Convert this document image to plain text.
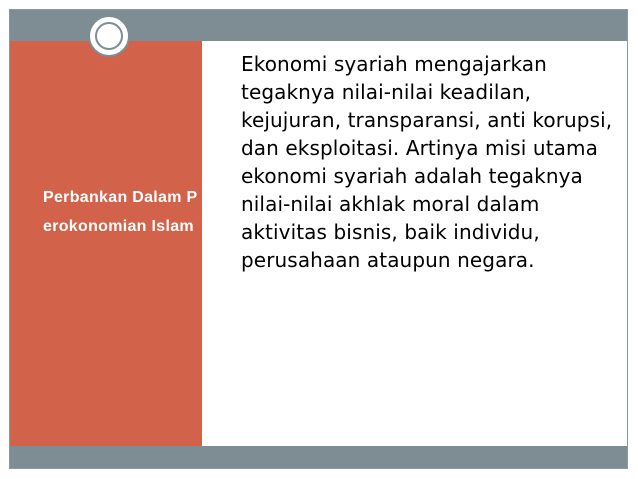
Perbankan Dalam Perokonomian Islam

Ekonomi syariah mengajarkan tegaknya nilai-nilai keadilan, kejujuran, transparansi, anti korupsi, dan eksploitasi. Artinya misi utama ekonomi syariah adalah tegaknya nilai-nilai akhlak moral dalam aktivitas bisnis, baik individu, perusahaan ataupun negara.
